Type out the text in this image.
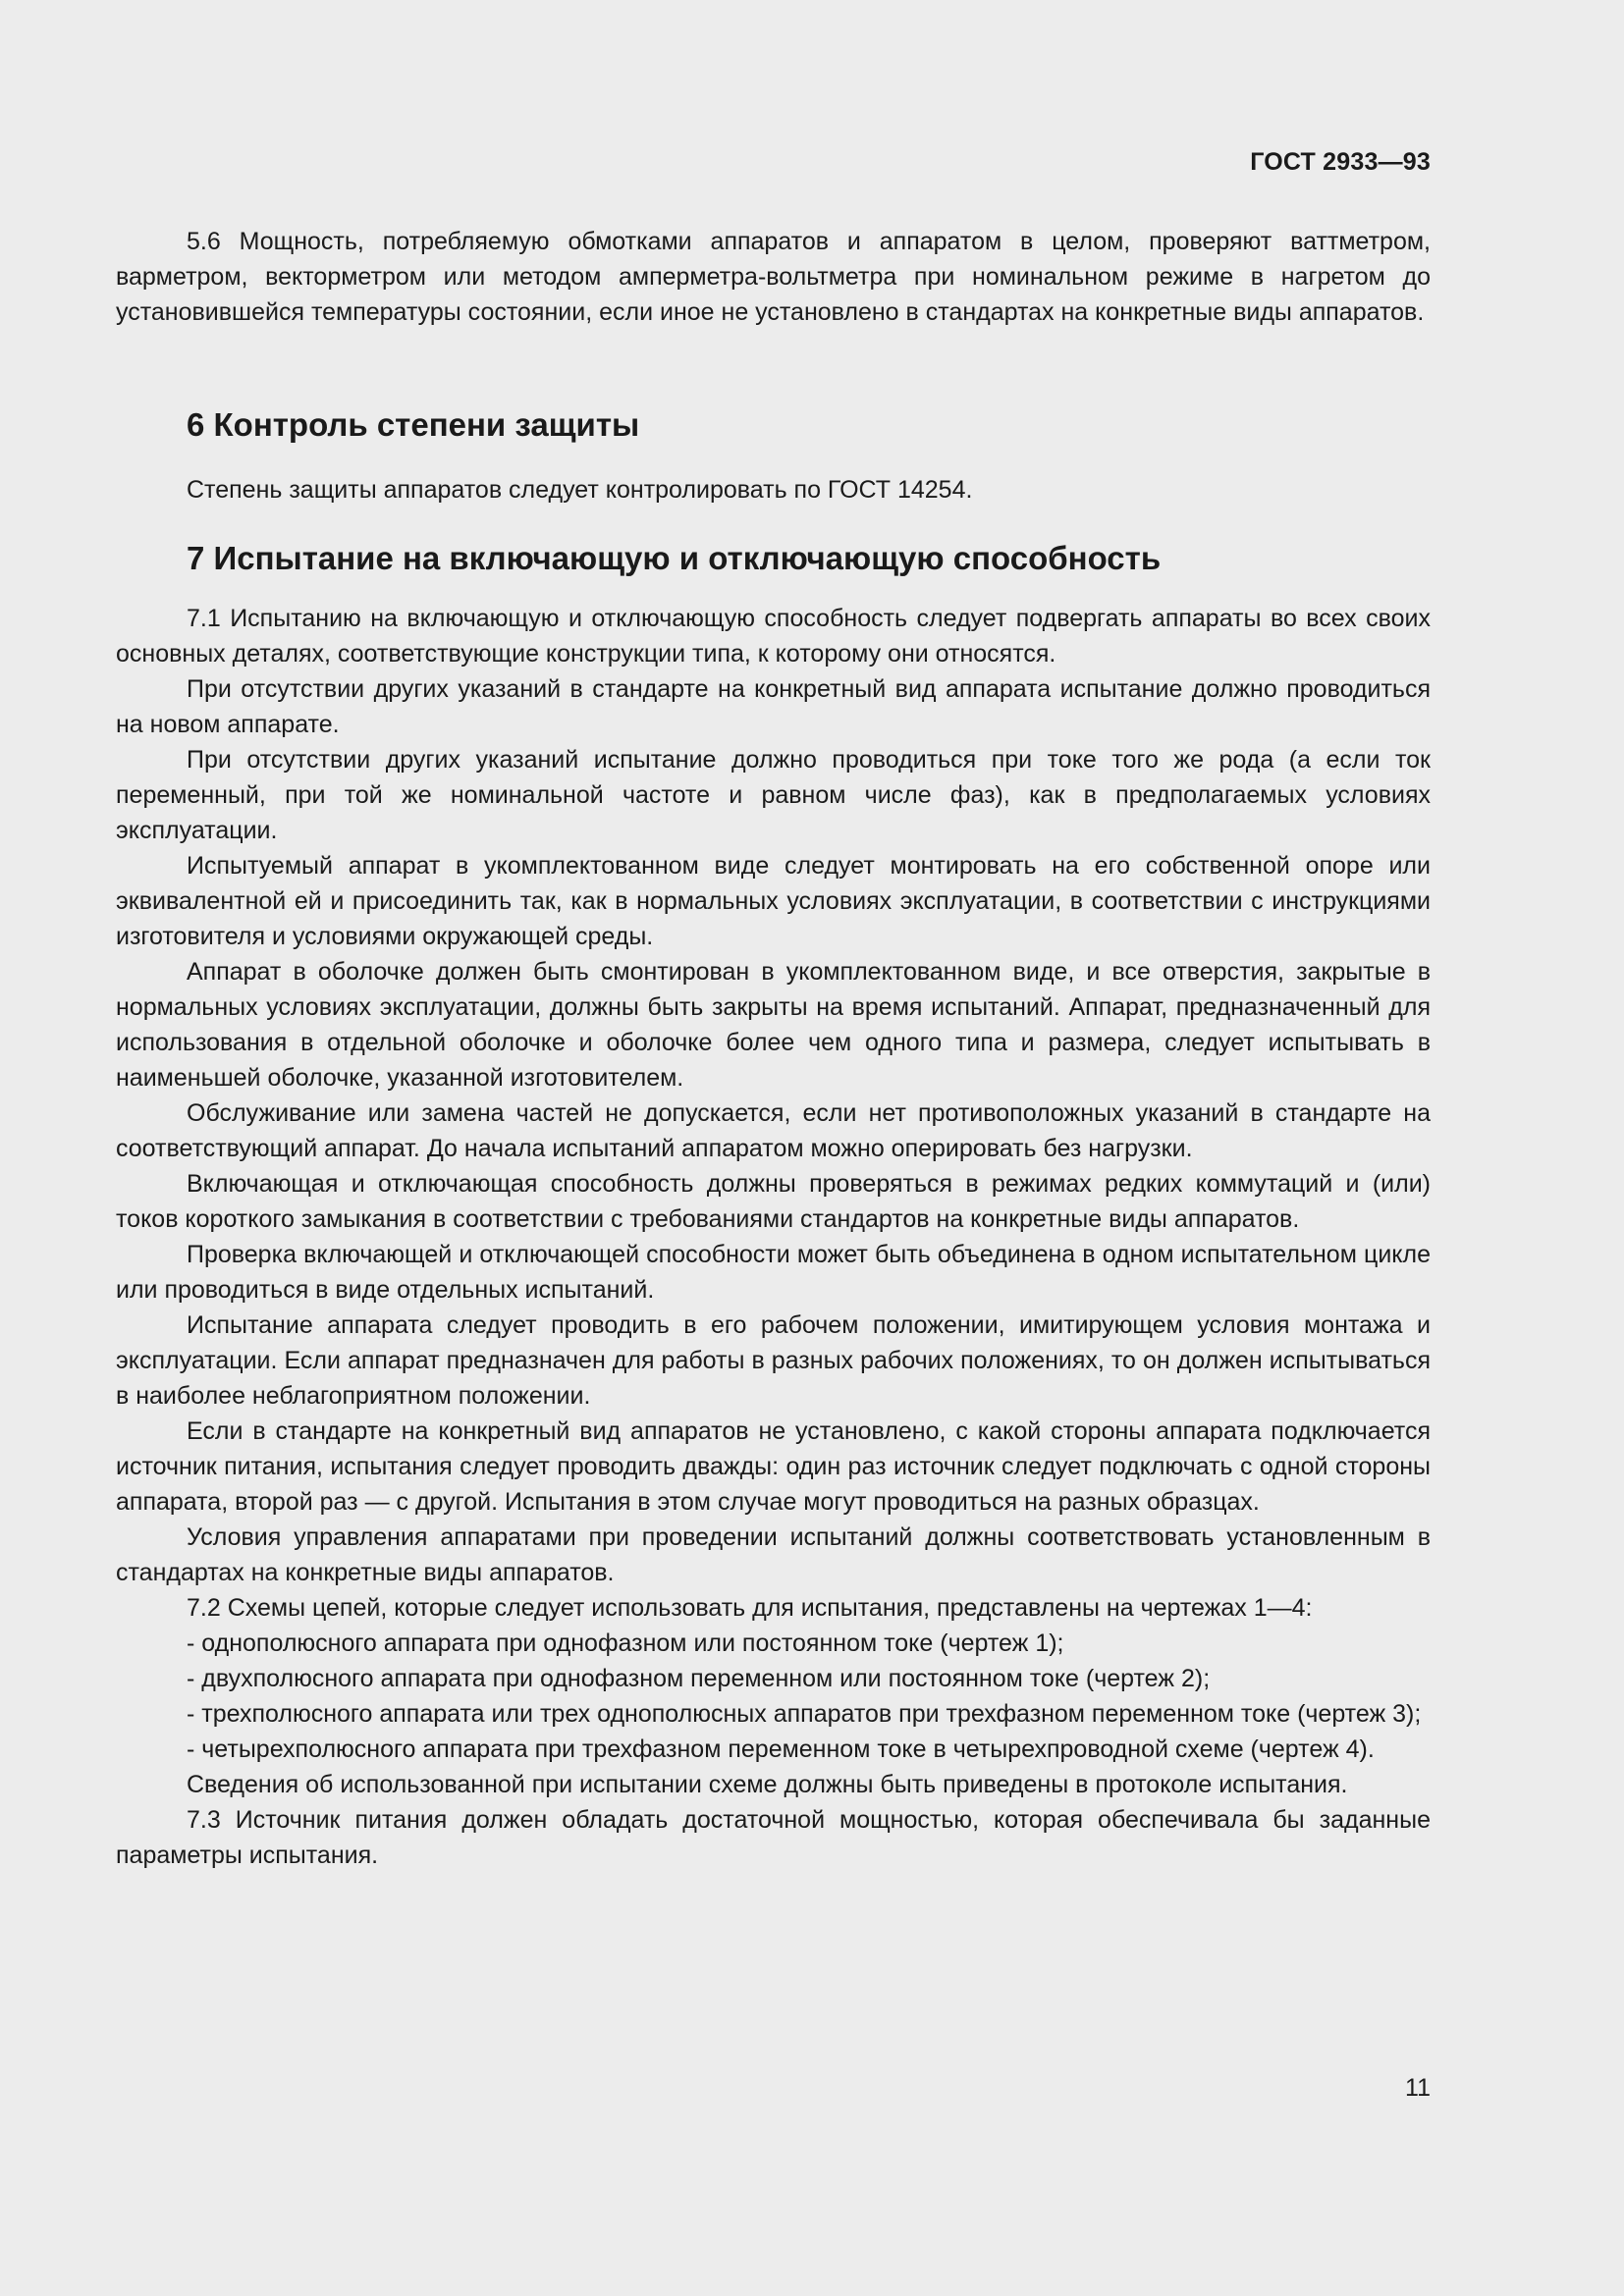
ГОСТ 2933—93

5.6 Мощность, потребляемую обмотками аппаратов и аппаратом в целом, проверяют ваттметром, варметром, векторметром или методом амперметра-вольтметра при номинальном режиме в нагретом до установившейся температуры состоянии, если иное не установлено в стандартах на конкретные виды аппаратов.

6 Контроль степени защиты

Степень защиты аппаратов следует контролировать по ГОСТ 14254.

7 Испытание на включающую и отключающую способность

7.1 Испытанию на включающую и отключающую способность следует подвергать аппараты во всех своих основных деталях, соответствующие конструкции типа, к которому они относятся.

При отсутствии других указаний в стандарте на конкретный вид аппарата испытание должно проводиться на новом аппарате.

При отсутствии других указаний испытание должно проводиться при токе того же рода (а если ток переменный, при той же номинальной частоте и равном числе фаз), как в предполагаемых условиях эксплуатации.

Испытуемый аппарат в укомплектованном виде следует монтировать на его собственной опоре или эквивалентной ей и присоединить так, как в нормальных условиях эксплуатации, в соответствии с инструкциями изготовителя и условиями окружающей среды.

Аппарат в оболочке должен быть смонтирован в укомплектованном виде, и все отверстия, закрытые в нормальных условиях эксплуатации, должны быть закрыты на время испытаний. Аппарат, предназначенный для использования в отдельной оболочке и оболочке более чем одного типа и размера, следует испытывать в наименьшей оболочке, указанной изготовителем.

Обслуживание или замена частей не допускается, если нет противоположных указаний в стандарте на соответствующий аппарат. До начала испытаний аппаратом можно оперировать без нагрузки.

Включающая и отключающая способность должны проверяться в режимах редких коммутаций и (или) токов короткого замыкания в соответствии с требованиями стандартов на конкретные виды аппаратов.

Проверка включающей и отключающей способности может быть объединена в одном испытательном цикле или проводиться в виде отдельных испытаний.

Испытание аппарата следует проводить в его рабочем положении, имитирующем условия монтажа и эксплуатации. Если аппарат предназначен для работы в разных рабочих положениях, то он должен испытываться в наиболее неблагоприятном положении.

Если в стандарте на конкретный вид аппаратов не установлено, с какой стороны аппарата подключается источник питания, испытания следует проводить дважды: один раз источник следует подключать с одной стороны аппарата, второй раз — с другой. Испытания в этом случае могут проводиться на разных образцах.

Условия управления аппаратами при проведении испытаний должны соответствовать установленным в стандартах на конкретные виды аппаратов.

7.2 Схемы цепей, которые следует использовать для испытания, представлены на чертежах 1—4:

- однополюсного аппарата при однофазном или постоянном токе (чертеж 1);

- двухполюсного аппарата при однофазном переменном или постоянном токе (чертеж 2);

- трехполюсного аппарата или трех однополюсных аппаратов при трехфазном переменном токе (чертеж 3);

- четырехполюсного аппарата при трехфазном переменном токе в четырехпроводной схеме (чертеж 4).

Сведения об использованной при испытании схеме должны быть приведены в протоколе испытания.

7.3 Источник питания должен обладать достаточной мощностью, которая обеспечивала бы заданные параметры испытания.

11
